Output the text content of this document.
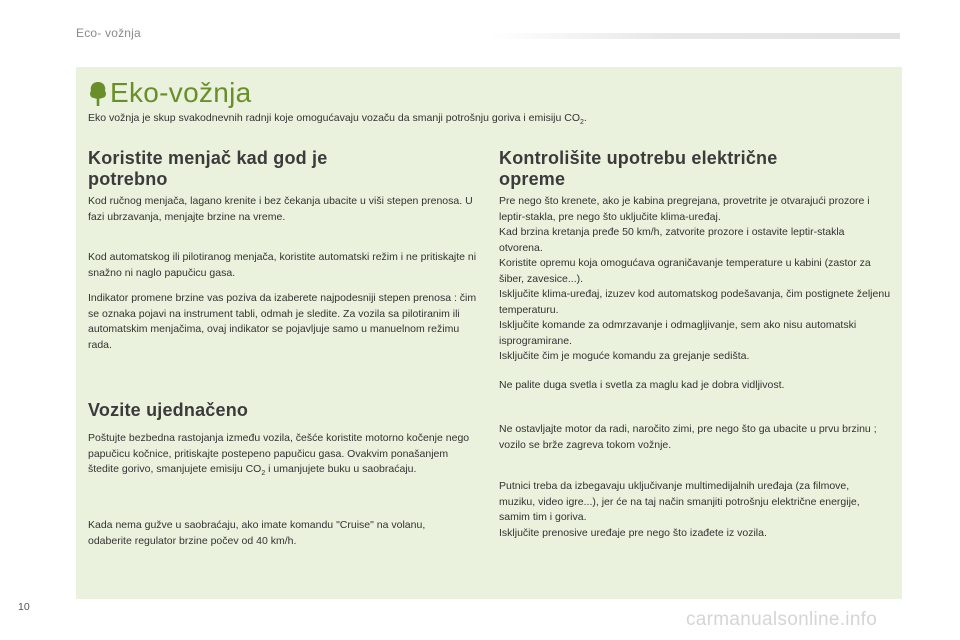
Eco- vožnja
Eko-vožnja
Eko vožnja je skup svakodnevnih radnji koje omogućavaju vozaču da smanji potrošnju goriva i emisiju $CO_2$.
Koristite menjač kad god je
potrebno

Kod ručnog menjača, lagano krenite i bez čekanja ubacite u viši stepen prenosa. U fazi ubrzavanja, menjajte brzine na vreme.

Kod automatskog ili pilotiranog menjača, koristite automatski režim i ne pritiskajte ni snažno ni naglo papučicu gasa.

Indikator promene brzine vas poziva da izaberete najpodesniji stepen prenosa : čim se oznaka pojavi na instrument tabli, odmah je sledite. Za vozila sa pilotiranim ili automatskim menjačima, ovaj indikator se pojavljuje samo u manuelnom režimu rada.

Vozite ujednačeno

Poštujte bezbedna rastojanja između vozila, češće koristite motorno kočenje nego papučicu kočnice, pritiskajte postepeno papučicu gasa. Ovakvim ponašanjem štedite gorivo, smanjujete emisiju $CO_2$ i umanjujete buku u saobraćaju.

Kada nema gužve u saobraćaju, ako imate komandu "Cruise" na volanu, odaberite regulator brzine počev od 40 km/h.

Kontrolišite upotrebu električne
opreme

Pre nego što krenete, ako je kabina pregrejana, provetrite je otvarajući prozore i leptir-stakla, pre nego što uključite klima-uređaj.

Kad brzina kretanja pređe 50 km/h, zatvorite prozore i ostavite leptir-stakla otvorena.

Koristite opremu koja omogućava ograničavanje temperature u kabini (zastor za šiber, zavesice...).

Isključite klima-uređaj, izuzev kod automatskog podešavanja, čim postignete željenu temperaturu.

Isključite komande za odmrzavanje i odmagljivanje, sem ako nisu automatski isprogramirane.

Isključite čim je moguće komandu za grejanje sedišta.

Ne palite duga svetla i svetla za maglu kad je dobra vidljivost.

Ne ostavljajte motor da radi, naročito zimi, pre nego što ga ubacite u prvu brzinu ; vozilo se brže zagreva tokom vožnje.

Putnici treba da izbegavaju uključivanje multimedijalnih uređaja (za filmove, muziku, video igre...), jer će na taj način smanjiti potrošnju električne energije, samim tim i goriva.

Isključite prenosive uređaje pre nego što izađete iz vozila.

10
carmanualsonline.info
